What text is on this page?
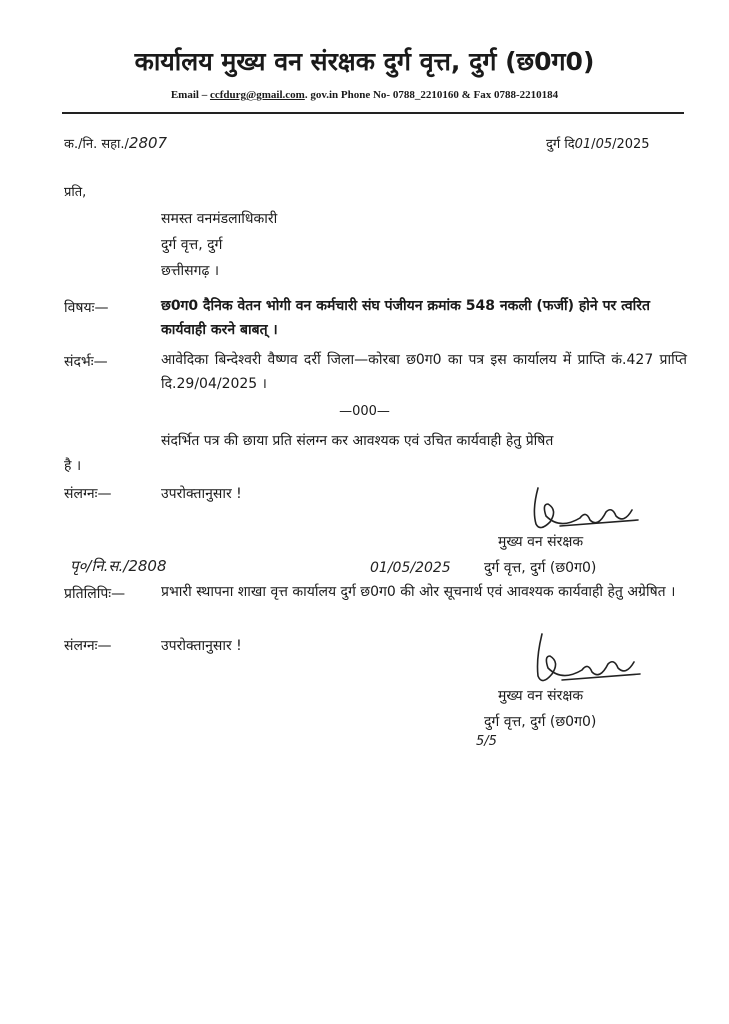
कार्यालय मुख्य वन संरक्षक दुर्ग वृत्त, दुर्ग (छ0ग0)
Email – ccfdurg@gmail.com. gov.in Phone No- 0788_2210160 & Fax 0788-2210184
क./नि. सहा./2807	दुर्ग दि01/05/2025
प्रति,
समस्त वनमंडलाधिकारी
दुर्ग वृत्त, दुर्ग
छत्तीसगढ़ ।
विषयः—	छ0ग0 दैनिक वेतन भोगी वन कर्मचारी संघ पंजीयन क्रमांक 548 नकली (फर्जी) होने पर त्वरित कार्यवाही करने बाबत् ।
संदर्भः—	आवेदिका बिन्देश्वरी वैष्णव दर्री जिला—कोरबा छ0ग0 का पत्र इस कार्यालय में प्राप्ति कं.427 प्राप्ति दि.29/04/2025 ।
—000—
संदर्भित पत्र की छाया प्रति संलग्न कर आवश्यक एवं उचित कार्यवाही हेतु प्रेषित
है ।
संलग्नः—	उपरोक्तानुसार !
मुख्य वन संरक्षक
दुर्ग वृत्त, दुर्ग (छ0ग0)
पृ०/नि.स./2808	01/05/2025
प्रतिलिपिः—	प्रभारी स्थापना शाखा वृत्त कार्यालय दुर्ग छ0ग0 की ओर सूचनार्थ एवं आवश्यक कार्यवाही हेतु अग्रेषित ।
संलग्नः—	उपरोक्तानुसार !
मुख्य वन संरक्षक
दुर्ग वृत्त, दुर्ग (छ0ग0)
5/5
